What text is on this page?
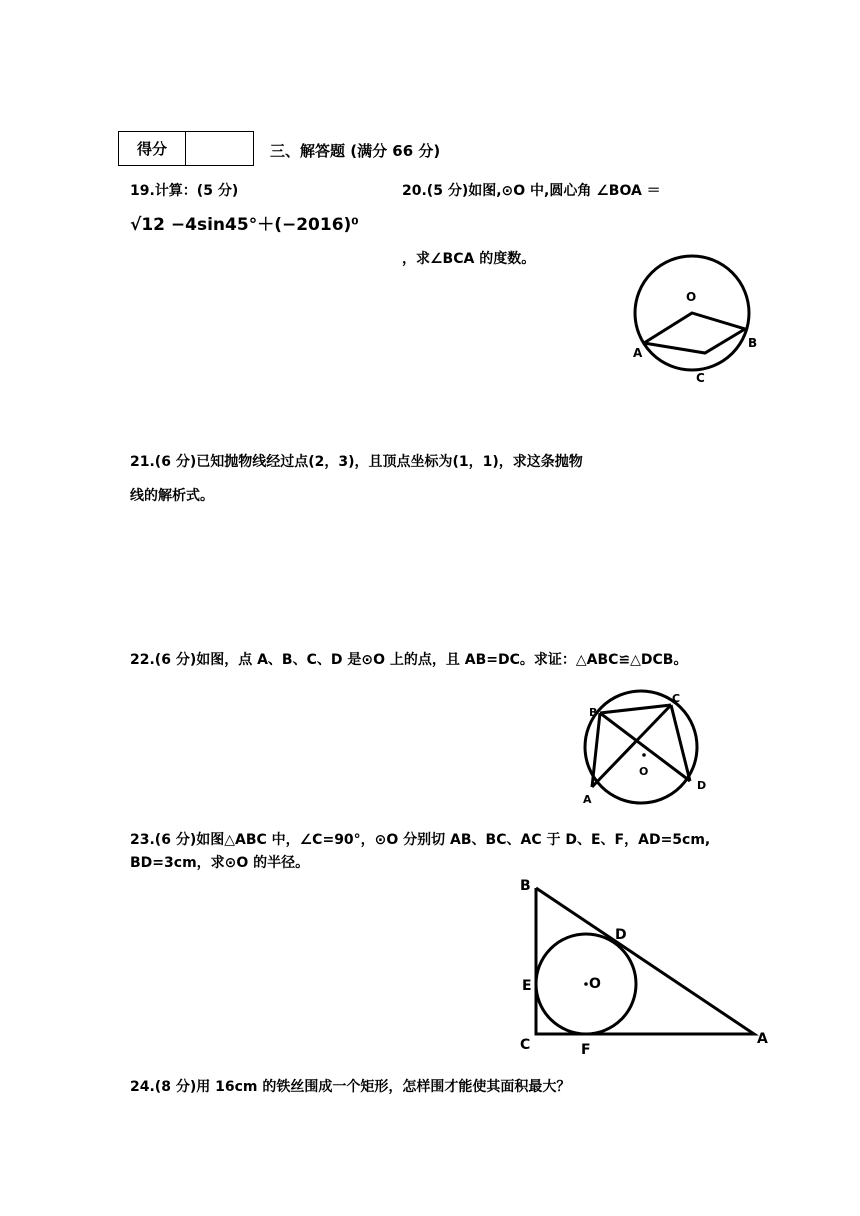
得分	三、解答题 (满分 66 分)
19.计算：(5 分)
√12 −4sin45°＋(−2016)⁰
20.(5 分)如图,⊙O 中,圆心角 ∠BOA ＝
，求∠BCA 的度数。
O
A
B
C
21.(6 分)已知抛物线经过点(2，3)，且顶点坐标为(1，1)，求这条抛物
线的解析式。
22.(6 分)如图，点 A、B、C、D 是⊙O 上的点，且 AB=DC。求证：△ABC≌△DCB。
B
C
O
D
A
23.(6 分)如图△ABC 中，∠C=90°，⊙O 分别切 AB、BC、AC 于 D、E、F，AD=5cm,
BD=3cm，求⊙O 的半径。
B
D
E	O
C	F
A
24.(8 分)用 16cm 的铁丝围成一个矩形，怎样围才能使其面积最大？
